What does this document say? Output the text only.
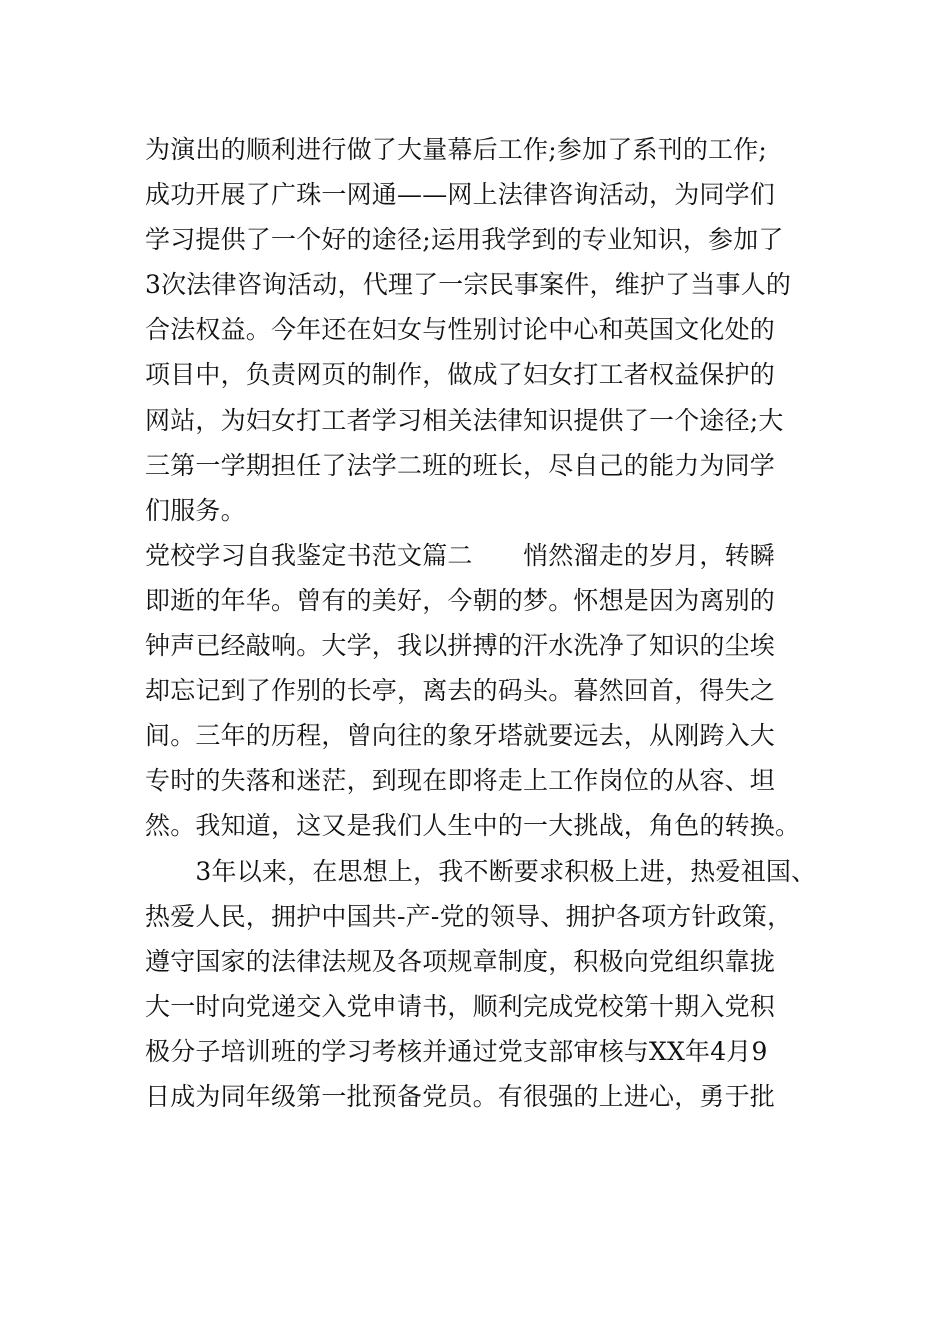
为演出的顺利进行做了大量幕后工作;参加了系刊的工作;
成功开展了广珠一网通——网上法律咨询活动，为同学们
学习提供了一个好的途径;运用我学到的专业知识，参加了
3次法律咨询活动，代理了一宗民事案件，维护了当事人的
合法权益。今年还在妇女与性别讨论中心和英国文化处的
项目中，负责网页的制作，做成了妇女打工者权益保护的
网站，为妇女打工者学习相关法律知识提供了一个途径;大
三第一学期担任了法学二班的班长，尽自己的能力为同学
们服务。
党校学习自我鉴定书范文篇二　　悄然溜走的岁月，转瞬
即逝的年华。曾有的美好，今朝的梦。怀想是因为离别的
钟声已经敲响。大学，我以拼搏的汗水洗净了知识的尘埃
却忘记到了作别的长亭，离去的码头。暮然回首，得失之
间。三年的历程，曾向往的象牙塔就要远去，从刚跨入大
专时的失落和迷茫，到现在即将走上工作岗位的从容、坦
然。我知道，这又是我们人生中的一大挑战，角色的转换。
　　3年以来，在思想上，我不断要求积极上进，热爱祖国、
热爱人民，拥护中国共-产-党的领导、拥护各项方针政策，
遵守国家的法律法规及各项规章制度，积极向党组织靠拢
大一时向党递交入党申请书，顺利完成党校第十期入党积
极分子培训班的学习考核并通过党支部审核与XX年4月9
日成为同年级第一批预备党员。有很强的上进心，勇于批
